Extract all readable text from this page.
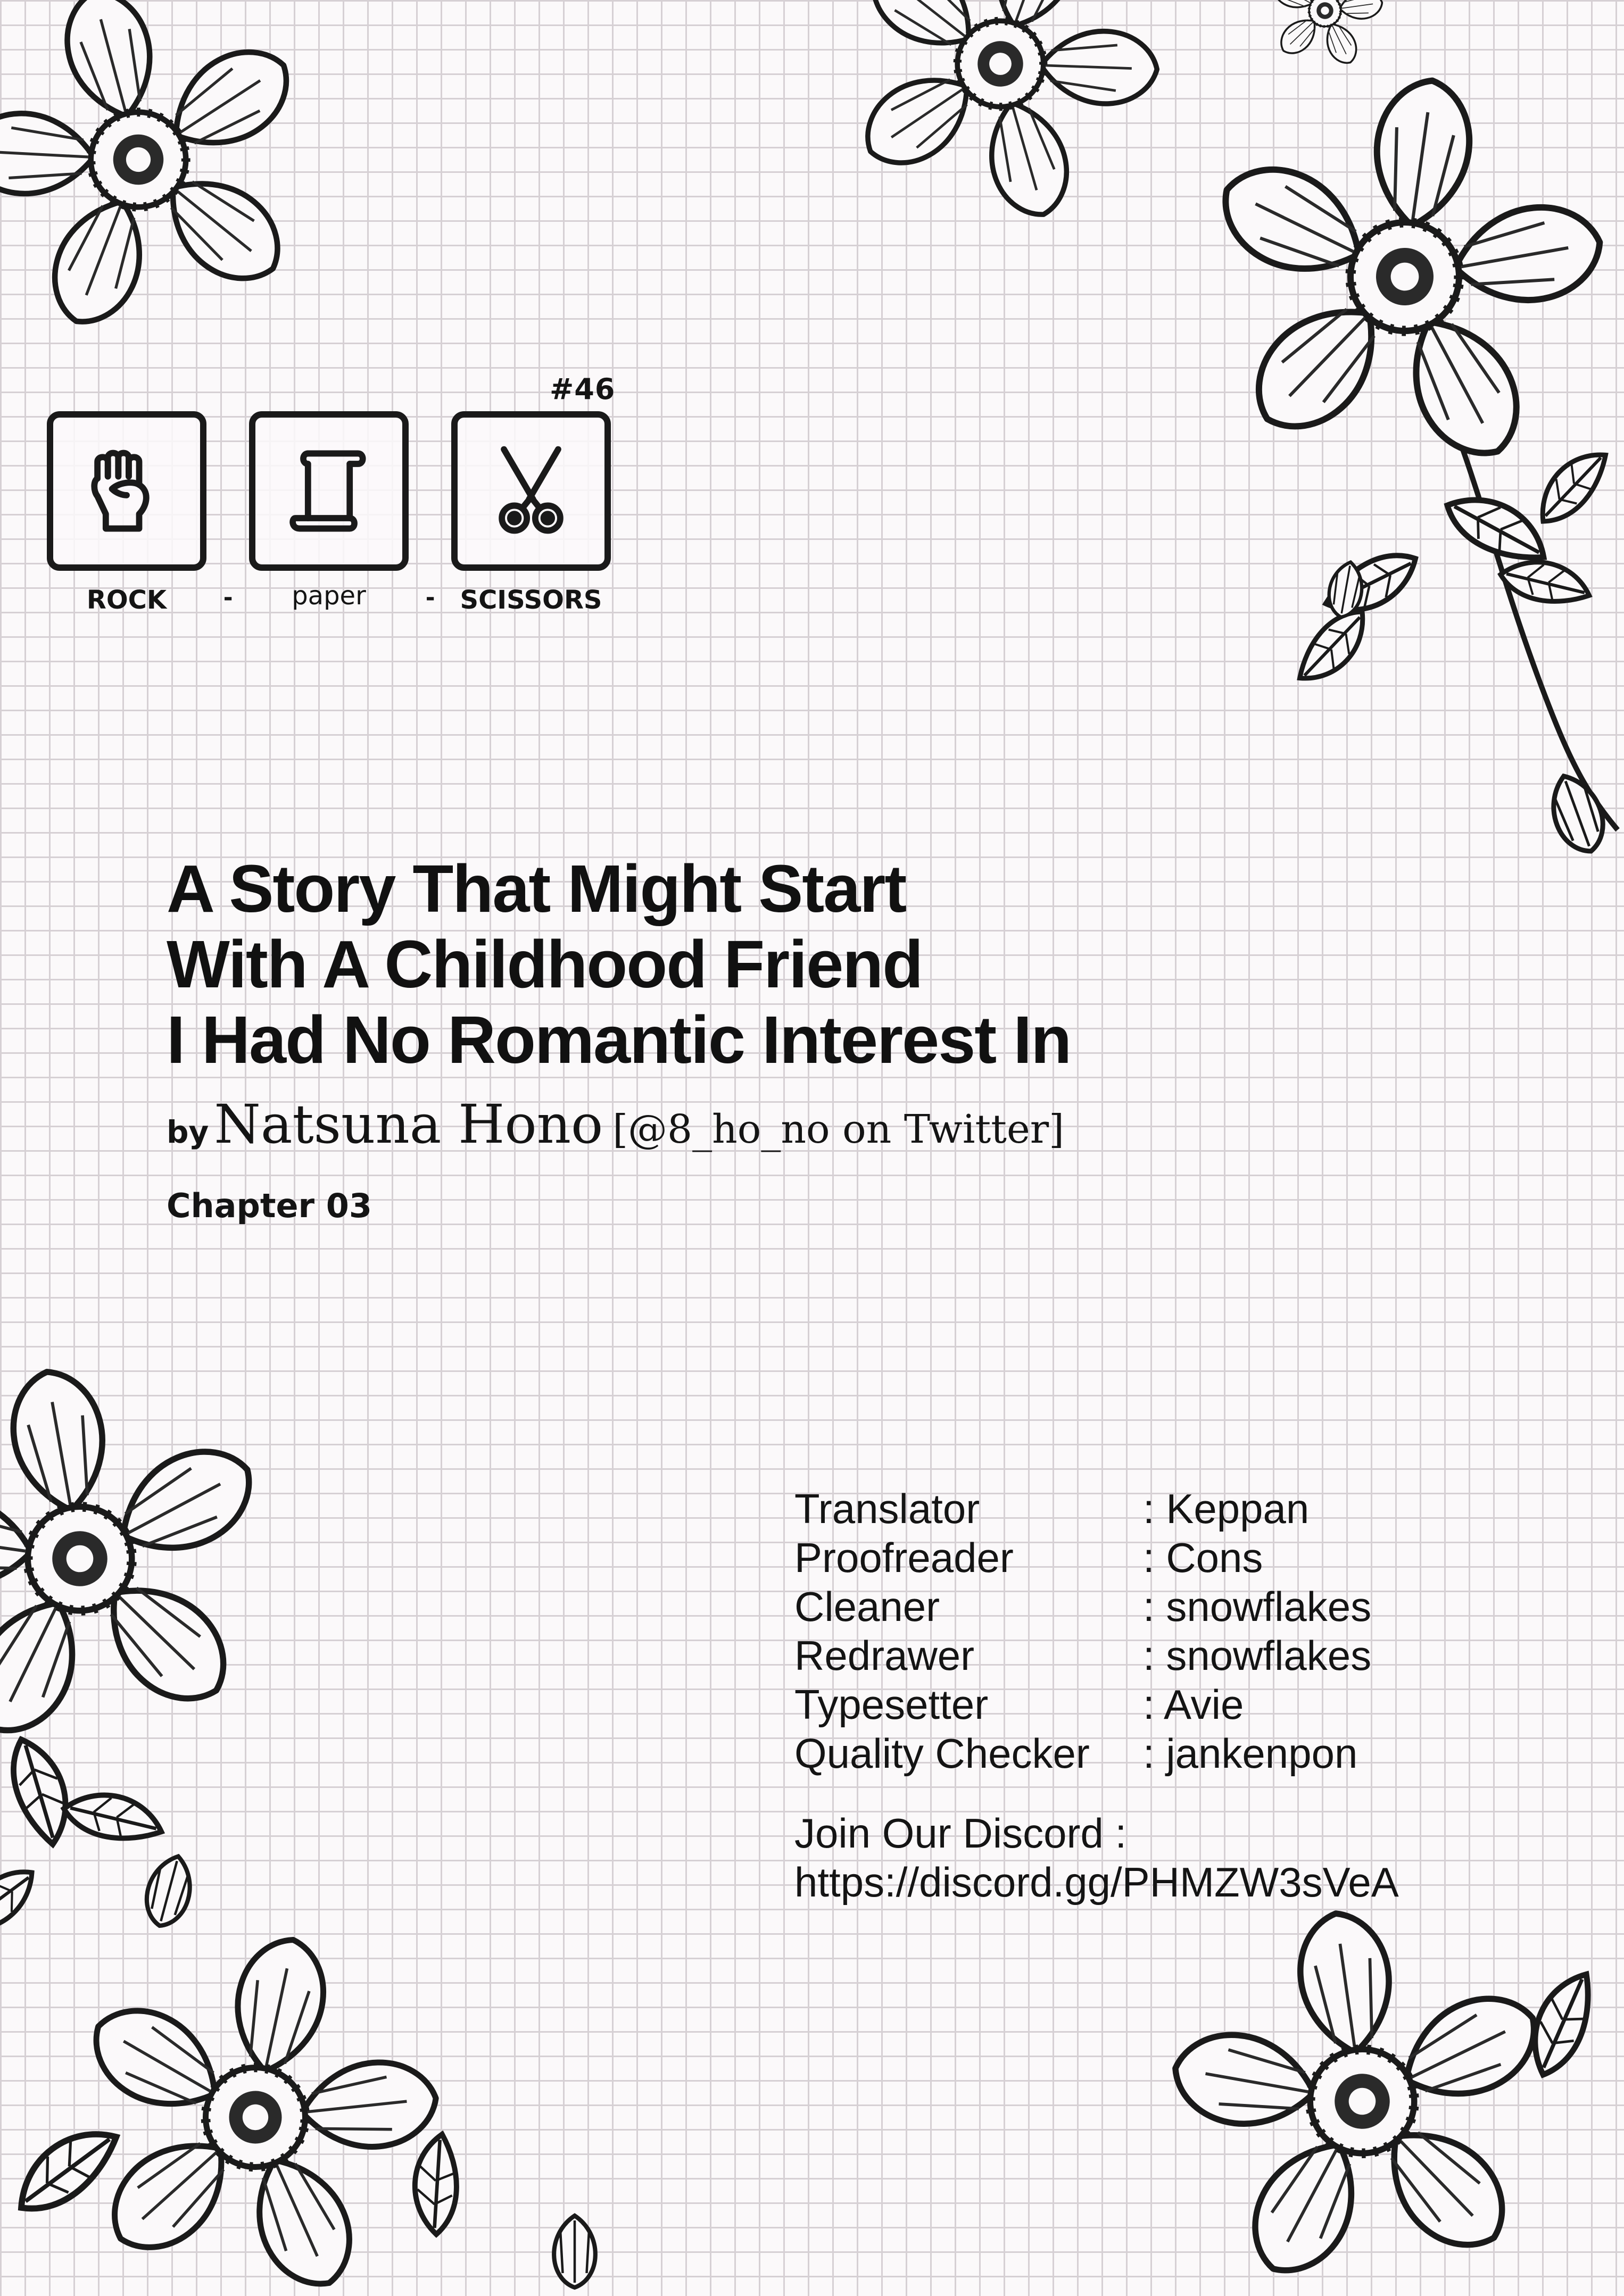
#46
ROCK	-	paper	- SCISSORS
A Story That Might Start
With A Childhood Friend
I Had No Romantic Interest In
by Natsuna Hono [@8_ho_no on Twitter]
Chapter 03
Translator	: Keppan
Proofreader	: Cons
Cleaner	: snowflakes
Redrawer	: snowflakes
Typesetter	: Avie
Quality Checker : jankenpon
Join Our Discord :
https://discord.gg/PHMZW3sVeA
